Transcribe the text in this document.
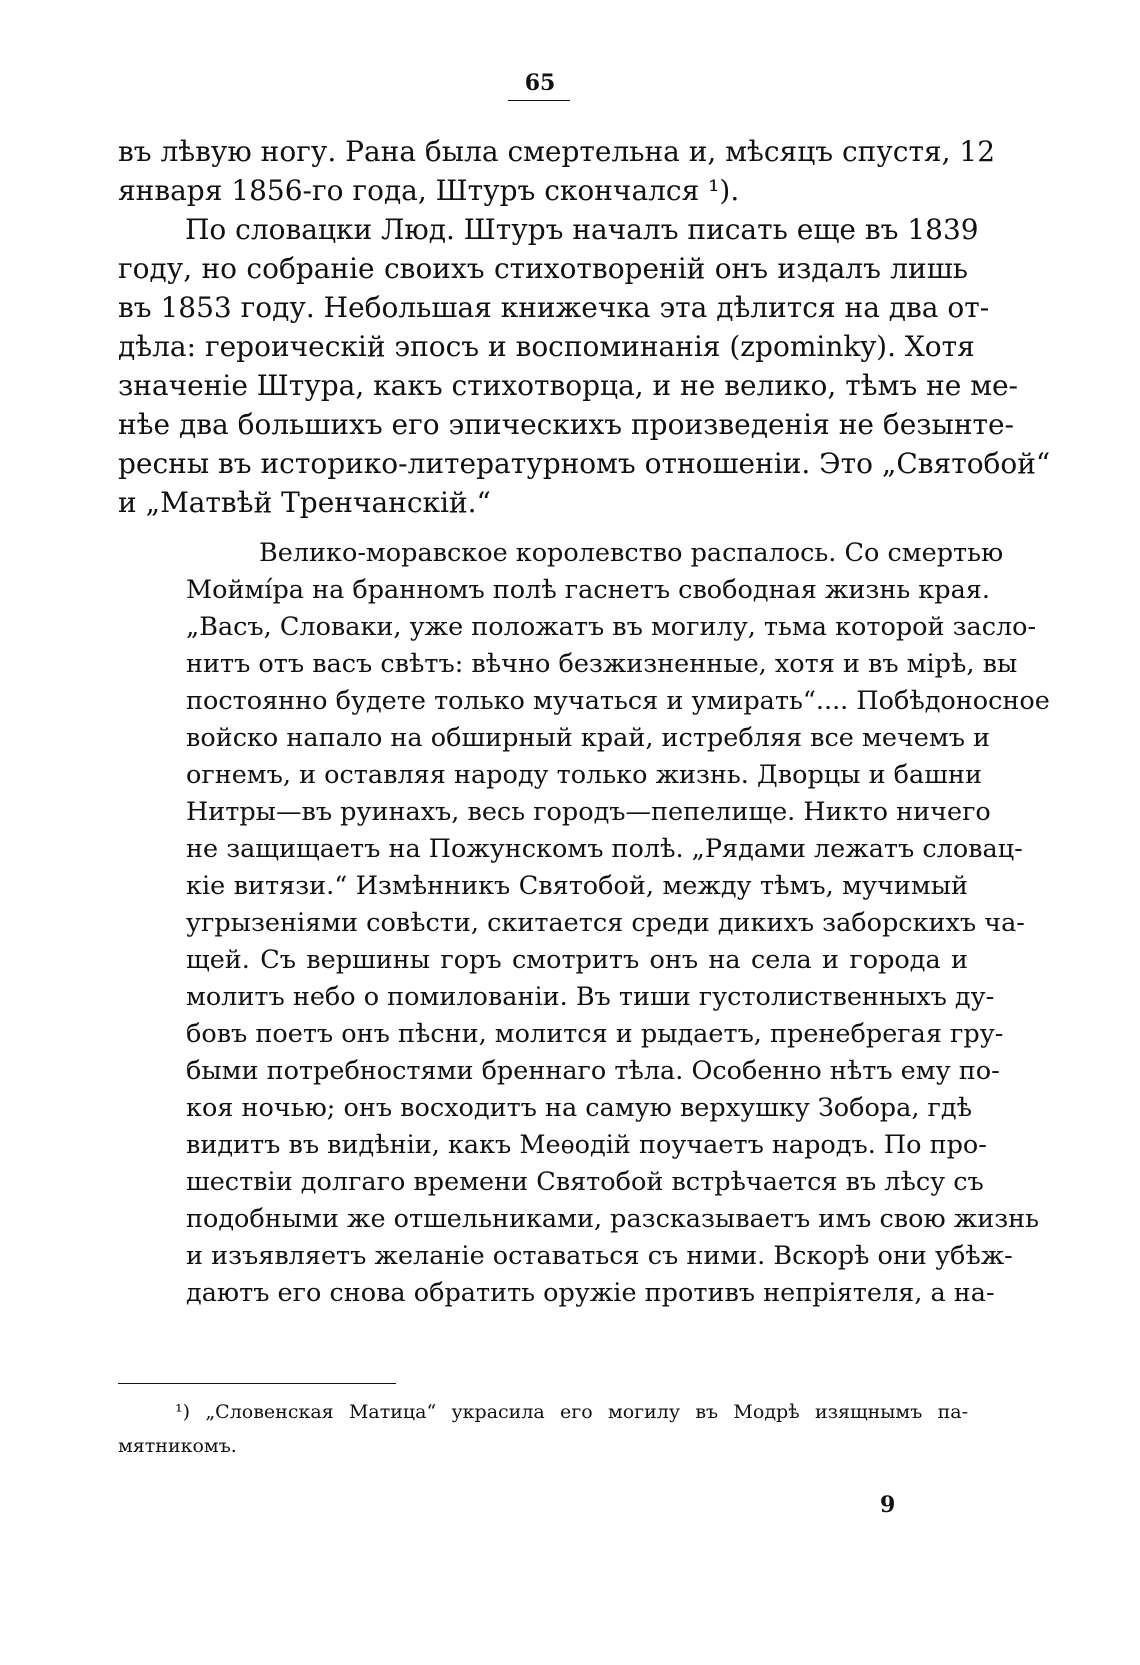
65
въ лѣвую ногу. Рана была смертельна и, мѣсяцъ спустя, 12
января 1856-го года, Штуръ скончался ¹).
По словацки Люд. Штуръ началъ писать еще въ 1839
году, но собраніе своихъ стихотвореній онъ издалъ лишь
въ 1853 году. Небольшая книжечка эта дѣлится на два от-
дѣла: героическій эпосъ и воспоминанія (zpominky). Хотя
значеніе Штура, какъ стихотворца, и не велико, тѣмъ не ме-
нѣе два большихъ его эпическихъ произведенія не безынте-
ресны въ историко-литературномъ отношеніи. Это „Святобой“
и „Матвѣй Тренчанскій.“
Велико-моравское королевство распалось. Со смертью
Моймíра на бранномъ полѣ гаснетъ свободная жизнь края.
„Васъ, Словаки, уже положатъ въ могилу, тьма которой засло-
нитъ отъ васъ свѣтъ: вѣчно безжизненные, хотя и въ мірѣ, вы
постоянно будете только мучаться и умирать“.... Побѣдоносное
войско напало на обширный край, истребляя все мечемъ и
огнемъ, и оставляя народу только жизнь. Дворцы и башни
Нитры—въ руинахъ, весь городъ—пепелище. Никто ничего
не защищаетъ на Пожунскомъ полѣ. „Рядами лежатъ словац-
кіе витязи.“ Измѣнникъ Святобой, между тѣмъ, мучимый
угрызеніями совѣсти, скитается среди дикихъ заборскихъ ча-
щей. Съ вершины горъ смотритъ онъ на села и города и
молитъ небо о помилованіи. Въ тиши густолиственныхъ ду-
бовъ поетъ онъ пѣсни, молится и рыдаетъ, пренебрегая гру-
быми потребностями бреннаго тѣла. Особенно нѣтъ ему по-
коя ночью; онъ восходитъ на самую верхушку Зобора, гдѣ
видитъ въ видѣніи, какъ Меѳодій поучаетъ народъ. По про-
шествіи долгаго времени Святобой встрѣчается въ лѣсу съ
подобными же отшельниками, разсказываетъ имъ свою жизнь
и изъявляетъ желаніе оставаться съ ними. Вскорѣ они убѣж-
даютъ его снова обратить оружіе противъ непріятеля, а на-
¹) „Словенская Матица“ украсила его могилу въ Модрѣ изящнымъ па-
мятникомъ.
9
